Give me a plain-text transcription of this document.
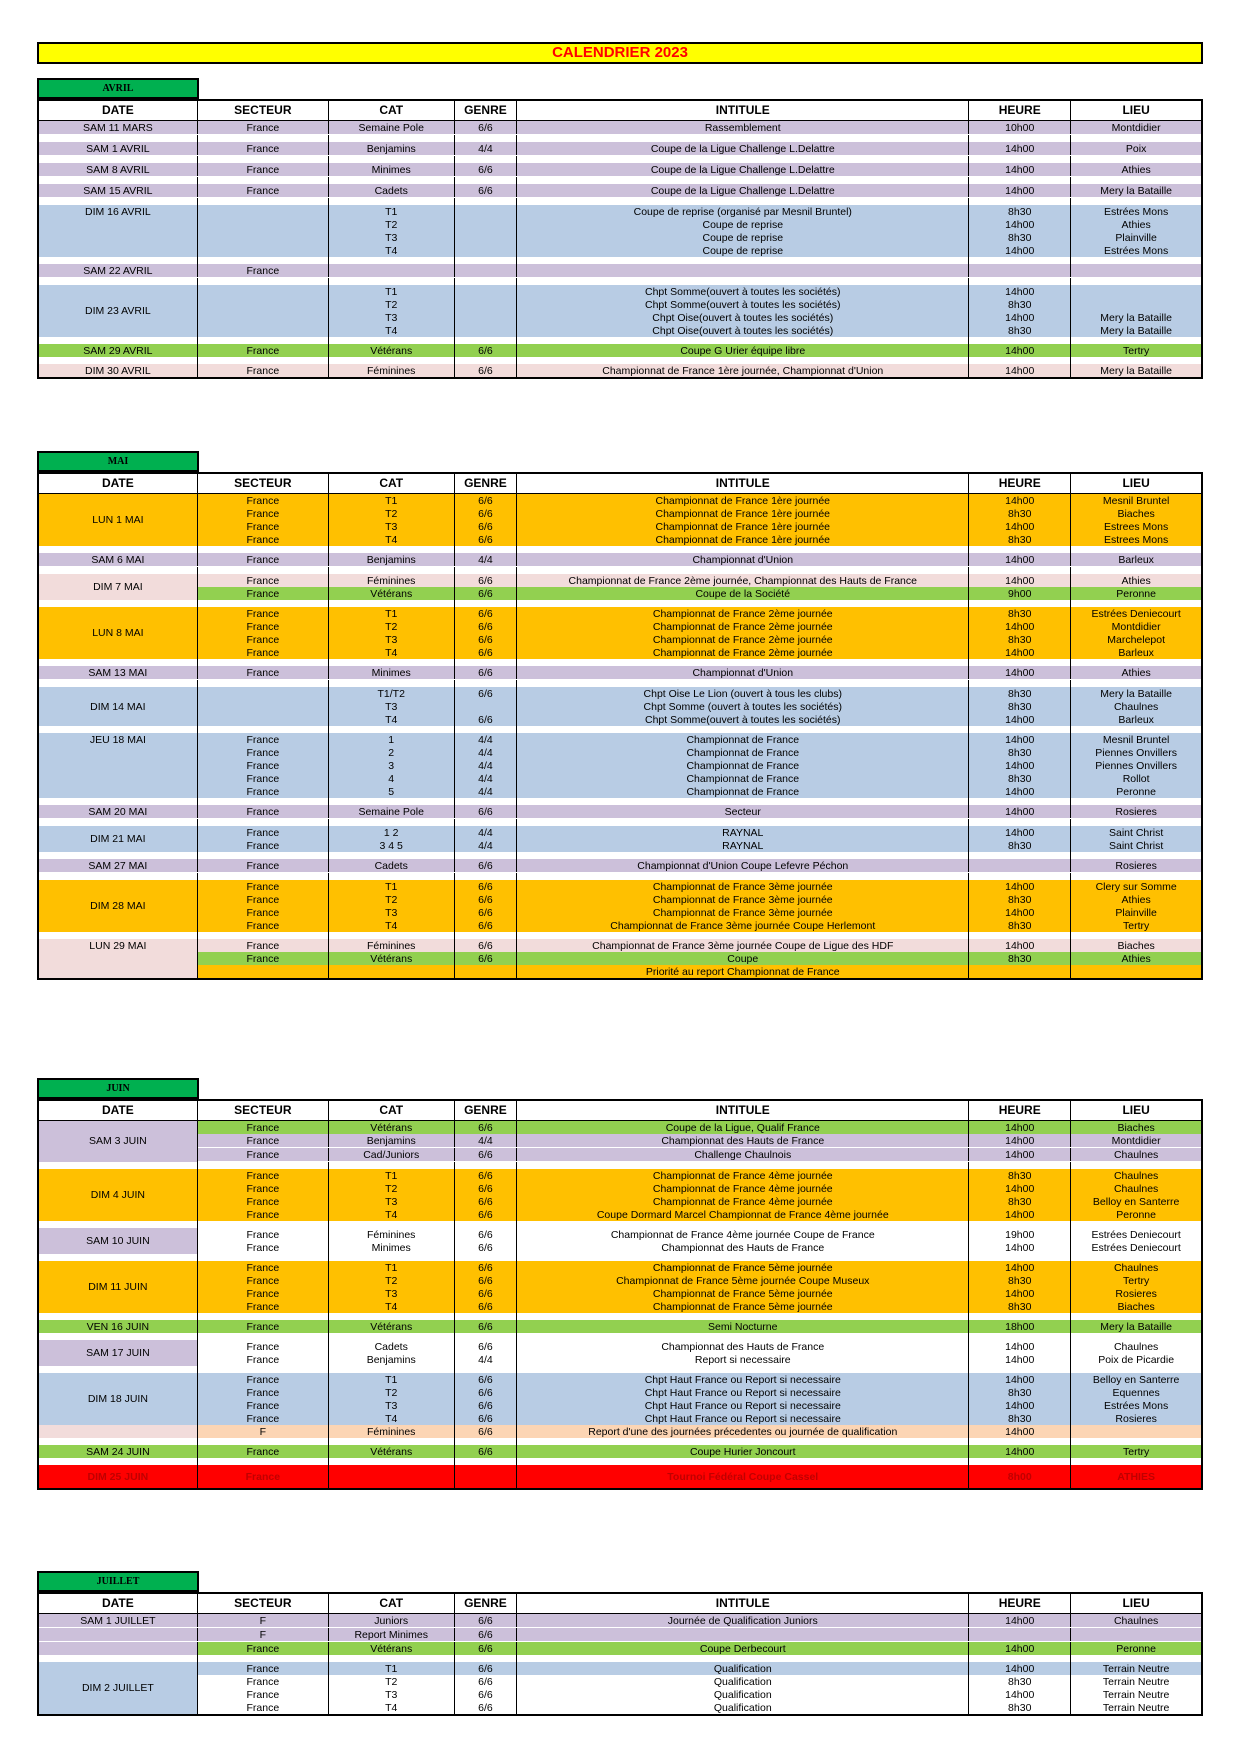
CALENDRIER 2023
AVRIL
DATE	SECTEUR	CAT	GENRE	INTITULE	HEURE	LIEU
SAM 11 MARS	France	Semaine Pole	6/6	Rassemblement	10h00	Montdidier

SAM 1 AVRIL	France	Benjamins	4/4	Coupe de la Ligue Challenge L.Delattre	14h00	Poix

SAM 8 AVRIL	France	Minimes	6/6	Coupe de la Ligue Challenge L.Delattre	14h00	Athies

SAM 15 AVRIL	France	Cadets	6/6	Coupe de la Ligue Challenge L.Delattre	14h00	Mery la Bataille

DIM 16 AVRIL		T1		Coupe de reprise (organisé par Mesnil Bruntel)	8h30	Estrées Mons
		T2		Coupe de reprise	14h00	Athies
		T3		Coupe de reprise	8h30	Plainville
		T4		Coupe de reprise	14h00	Estrées Mons

SAM 22 AVRIL	France					

DIM 23 AVRIL		T1		Chpt Somme(ouvert à toutes les sociétés)	14h00	
		T2		Chpt Somme(ouvert à toutes les sociétés)	8h30	
		T3		Chpt Oise(ouvert à toutes les sociétés)	14h00	Mery la Bataille
		T4		Chpt Oise(ouvert à toutes les sociétés)	8h30	Mery la Bataille

SAM 29 AVRIL	France	Vétérans	6/6	Coupe G Urier équipe libre	14h00	Tertry

DIM 30 AVRIL	France	Féminines	6/6	Championnat de France 1ère journée, Championnat d'Union	14h00	Mery la Bataille
MAI
DATE	SECTEUR	CAT	GENRE	INTITULE	HEURE	LIEU
LUN 1 MAI	France	T1	6/6	Championnat de France 1ère journée	14h00	Mesnil Bruntel
	France	T2	6/6	Championnat de France 1ère journée	8h30	Biaches
	France	T3	6/6	Championnat de France 1ère journée	14h00	Estrees Mons
	France	T4	6/6	Championnat de France 1ère journée	8h30	Estrees Mons

SAM 6 MAI	France	Benjamins	4/4	Championnat d'Union	14h00	Barleux

DIM 7 MAI	France	Féminines	6/6	Championnat de France 2ème journée, Championnat des Hauts de France	14h00	Athies
	France	Vétérans	6/6	Coupe de la Société	9h00	Peronne

LUN 8 MAI	France	T1	6/6	Championnat de France 2ème journée	8h30	Estrées Deniecourt
	France	T2	6/6	Championnat de France 2ème journée	14h00	Montdidier
	France	T3	6/6	Championnat de France 2ème journée	8h30	Marchelepot
	France	T4	6/6	Championnat de France 2ème journée	14h00	Barleux

SAM 13 MAI	France	Minimes	6/6	Championnat d'Union	14h00	Athies

DIM 14 MAI		T1/T2	6/6	Chpt Oise Le Lion (ouvert à tous les clubs)	8h30	Mery la Bataille
		T3		Chpt Somme (ouvert à toutes les sociétés)	8h30	Chaulnes
		T4	6/6	Chpt Somme(ouvert à toutes les sociétés)	14h00	Barleux

JEU 18 MAI	France	1	4/4	Championnat de France	14h00	Mesnil Bruntel
	France	2	4/4	Championnat de France	8h30	Piennes Onvillers
	France	3	4/4	Championnat de France	14h00	Piennes Onvillers
	France	4	4/4	Championnat de France	8h30	Rollot
	France	5	4/4	Championnat de France	14h00	Peronne

SAM 20 MAI	France	Semaine Pole	6/6	Secteur	14h00	Rosieres

DIM 21 MAI	France	1 2	4/4	RAYNAL	14h00	Saint Christ
	France	3 4 5	4/4	RAYNAL	8h30	Saint Christ

SAM 27 MAI	France	Cadets	6/6	Championnat d'Union Coupe Lefevre Péchon		Rosieres

DIM 28 MAI	France	T1	6/6	Championnat de France 3ème journée	14h00	Clery sur Somme
	France	T2	6/6	Championnat de France 3ème journée	8h30	Athies
	France	T3	6/6	Championnat de France 3ème journée	14h00	Plainville
	France	T4	6/6	Championnat de France 3ème journée Coupe Herlemont	8h30	Tertry

LUN 29 MAI	France	Féminines	6/6	Championnat de France 3ème journée Coupe de Ligue des HDF	14h00	Biaches
	France	Vétérans	6/6	Coupe	8h30	Athies
				Priorité au report Championnat de France		
JUIN
DATE	SECTEUR	CAT	GENRE	INTITULE	HEURE	LIEU
SAM 3 JUIN	France	Vétérans	6/6	Coupe de la Ligue, Qualif France	14h00	Biaches
	France	Benjamins	4/4	Championnat des Hauts de France	14h00	Montdidier
	France	Cad/Juniors	6/6	Challenge Chaulnois	14h00	Chaulnes

DIM 4 JUIN	France	T1	6/6	Championnat de France 4ème journée	8h30	Chaulnes
	France	T2	6/6	Championnat de France 4ème journée	14h00	Chaulnes
	France	T3	6/6	Championnat de France 4ème journée	8h30	Belloy en Santerre
	France	T4	6/6	Coupe Dormard Marcel Championnat de France 4ème journée	14h00	Peronne

SAM 10 JUIN	France	Féminines	6/6	Championnat de France 4ème journée Coupe de France	19h00	Estrées Deniecourt
	France	Minimes	6/6	Championnat des Hauts de France	14h00	Estrées Deniecourt

DIM 11 JUIN	France	T1	6/6	Championnat de France 5ème journée	14h00	Chaulnes
	France	T2	6/6	Championnat de France 5ème journée Coupe Museux	8h30	Tertry
	France	T3	6/6	Championnat de France 5ème journée	14h00	Rosieres
	France	T4	6/6	Championnat de France 5ème journée	8h30	Biaches

VEN 16 JUIN	France	Vétérans	6/6	Semi Nocturne	18h00	Mery la Bataille

SAM 17 JUIN	France	Cadets	6/6	Championnat des Hauts de France	14h00	Chaulnes
	France	Benjamins	4/4	Report si necessaire	14h00	Poix de Picardie

DIM 18 JUIN	France	T1	6/6	Chpt Haut France ou Report si necessaire	14h00	Belloy en Santerre
	France	T2	6/6	Chpt Haut France ou Report si necessaire	8h30	Equennes
	France	T3	6/6	Chpt Haut France ou Report si necessaire	14h00	Estrées Mons
	France	T4	6/6	Chpt Haut France ou Report si necessaire	8h30	Rosieres
	F	Féminines	6/6	Report d'une des journées précedentes ou journée de qualification	14h00	

SAM 24 JUIN	France	Vétérans	6/6	Coupe Hurier Joncourt	14h00	Tertry

DIM 25 JUIN	France			Tournoi Fédéral Coupe Cassel	8h00	ATHIES
JUILLET
DATE	SECTEUR	CAT	GENRE	INTITULE	HEURE	LIEU
SAM 1 JUILLET	F	Juniors	6/6	Journée de Qualification Juniors	14h00	Chaulnes
	F	Report Minimes	6/6			
	France	Vétérans	6/6	Coupe Derbecourt	14h00	Peronne

DIM 2 JUILLET	France	T1	6/6	Qualification	14h00	Terrain Neutre
	France	T2	6/6	Qualification	8h30	Terrain Neutre
	France	T3	6/6	Qualification	14h00	Terrain Neutre
	France	T4	6/6	Qualification	8h30	Terrain Neutre
